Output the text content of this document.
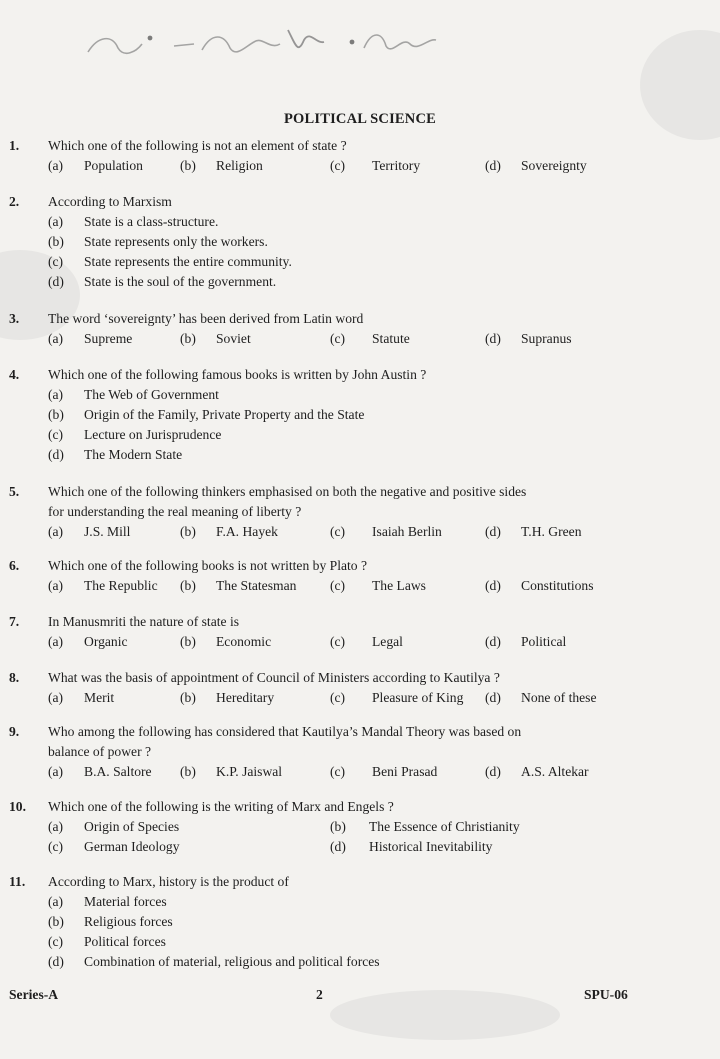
POLITICAL SCIENCE
1. Which one of the following is not an element of state ?
(a) Population	(b) Religion	(c) Territory	(d) Sovereignty
2. According to Marxism
(a) State is a class-structure.
(b) State represents only the workers.
(c) State represents the entire community.
(d) State is the soul of the government.
3. The word ‘sovereignty’ has been derived from Latin word
(a) Supreme	(b) Soviet	(c) Statute	(d) Supranus
4. Which one of the following famous books is written by John Austin ?
(a) The Web of Government
(b) Origin of the Family, Private Property and the State
(c) Lecture on Jurisprudence
(d) The Modern State
5. Which one of the following thinkers emphasised on both the negative and positive sides
for understanding the real meaning of liberty ?
(a) J.S. Mill	(b) F.A. Hayek	(c) Isaiah Berlin	(d) T.H. Green
6. Which one of the following books is not written by Plato ?
(a) The Republic (b) The Statesman (c) The Laws	(d) Constitutions
7. In Manusmriti the nature of state is
(a) Organic	(b) Economic	(c) Legal	(d) Political
8. What was the basis of appointment of Council of Ministers according to Kautilya ?
(a) Merit	(b) Hereditary	(c) Pleasure of King (d) None of these
9. Who among the following has considered that Kautilya’s Mandal Theory was based on
balance of power ?
(a) B.A. Saltore (b) K.P. Jaiswal	(c) Beni Prasad	(d) A.S. Altekar
10. Which one of the following is the writing of Marx and Engels ?
(a) Origin of Species	(b) The Essence of Christianity
(c) German Ideology	(d) Historical Inevitability
11. According to Marx, history is the product of
(a) Material forces
(b) Religious forces
(c) Political forces
(d) Combination of material, religious and political forces
Series-A	2	SPU-06
